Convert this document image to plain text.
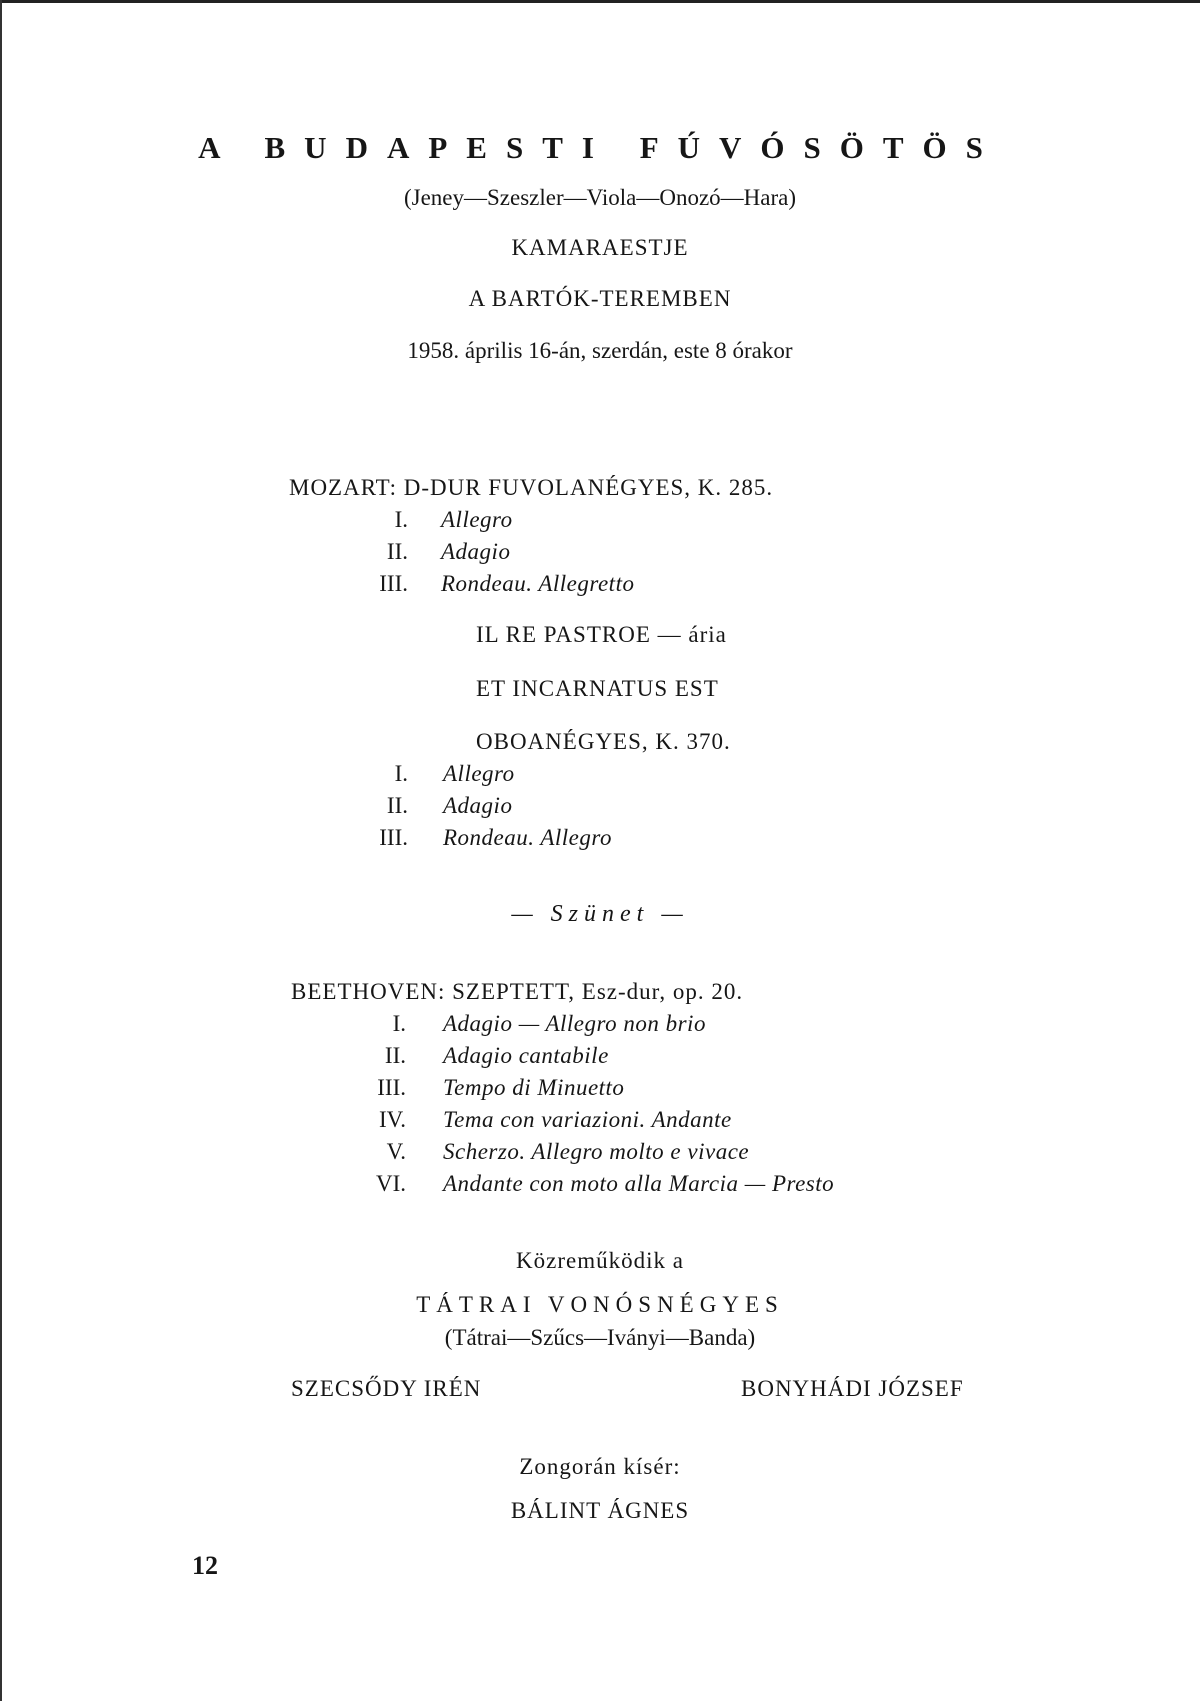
A BUDAPESTI FÚVÓSÖTÖS
(Jeney—Szeszler—Viola—Onozó—Hara)
KAMARAESTJE
A BARTÓK-TEREMBEN
1958. április 16-án, szerdán, este 8 órakor
MOZART: D-DUR FUVOLANÉGYES, K. 285.
I. Allegro
II. Adagio
III. Rondeau. Allegretto
IL RE PASTROE — ária
ET INCARNATUS EST
OBOANÉGYES, K. 370.
I. Allegro
II. Adagio
III. Rondeau. Allegro
— Szünet —
BEETHOVEN: SZEPTETT, Esz-dur, op. 20.
I. Adagio — Allegro non brio
II. Adagio cantabile
III. Tempo di Minuetto
IV. Tema con variazioni. Andante
V. Scherzo. Allegro molto e vivace
VI. Andante con moto alla Marcia — Presto
Közreműködik a
TÁTRAI VONÓSNÉGYES
(Tátrai—Szűcs—Iványi—Banda)
SZECSŐDY IRÉN	BONYHÁDI JÓZSEF
Zongorán kísér:
BÁLINT ÁGNES
12
